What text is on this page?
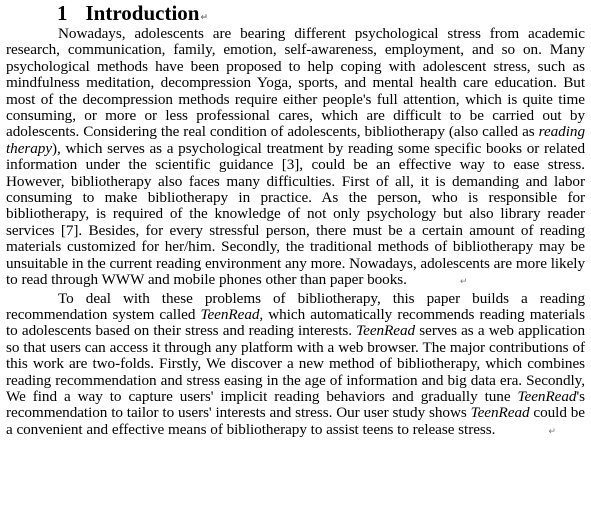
1 Introduction↵

Nowadays, adolescents are bearing different psychological stress from academic research, communication, family, emotion, self-awareness, employment, and so on. Many psychological methods have been proposed to help coping with adolescent stress, such as mindfulness meditation, decompression Yoga, sports, and mental health care education. But most of the decompression methods require either people's full attention, which is quite time consuming, or more or less professional cares, which are difficult to be carried out by adolescents. Considering the real condition of adolescents, bibliotherapy (also called as reading therapy), which serves as a psychological treatment by reading some specific books or related information under the scientific guidance [3], could be an effective way to ease stress. However, bibliotherapy also faces many difficulties. First of all, it is demanding and labor consuming to make bibliotherapy in practice. As the person, who is responsible for bibliotherapy, is required of the knowledge of not only psychology but also library reader services [7]. Besides, for every stressful person, there must be a certain amount of reading materials customized for her/him. Secondly, the traditional methods of bibliotherapy may be unsuitable in the current reading environment any more. Nowadays, adolescents are more likely to read through WWW and mobile phones other than paper books.	↵

To deal with these problems of bibliotherapy, this paper builds a reading recommendation system called TeenRead, which automatically recommends reading materials to adolescents based on their stress and reading interests. TeenRead serves as a web application so that users can access it through any platform with a web browser. The major contributions of this work are two-folds. Firstly, We discover a new method of bibliotherapy, which combines reading recommendation and stress easing in the age of information and big data era. Secondly, We find a way to capture users' implicit reading behaviors and gradually tune TeenRead's recommendation to tailor to users' interests and stress. Our user study shows TeenRead could be a convenient and effective means of bibliotherapy to assist teens to release stress.	↵
